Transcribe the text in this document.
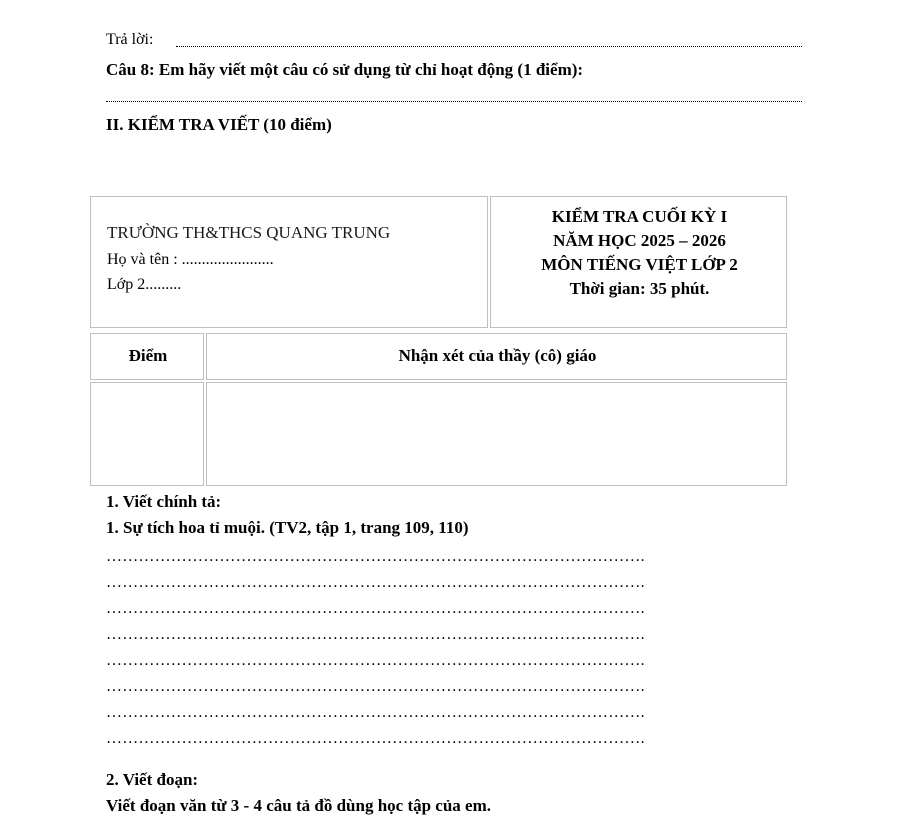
Trả lời:
Câu 8: Em hãy viết một câu có sử dụng từ chỉ hoạt động (1 điểm):
II. KIỂM TRA VIẾT (10 điểm)
TRƯỜNG TH&THCS QUANG TRUNG
Họ và tên : .......................
Lớp 2.........
KIỂM TRA CUỐI KỲ I
NĂM HỌC 2025 – 2026
MÔN TIẾNG VIỆT LỚP 2
Thời gian: 35 phút.
Điểm	Nhận xét của thầy (cô) giáo
1. Viết chính tả:
1. Sự tích hoa tỉ muội. (TV2, tập 1, trang 109, 110)
……………………………………………………………………………………….
……………………………………………………………………………………….
……………………………………………………………………………………….
……………………………………………………………………………………….
……………………………………………………………………………………….
……………………………………………………………………………………….
……………………………………………………………………………………….
……………………………………………………………………………………….
2. Viết đoạn:
Viết đoạn văn từ 3 - 4 câu tả đồ dùng học tập của em.
